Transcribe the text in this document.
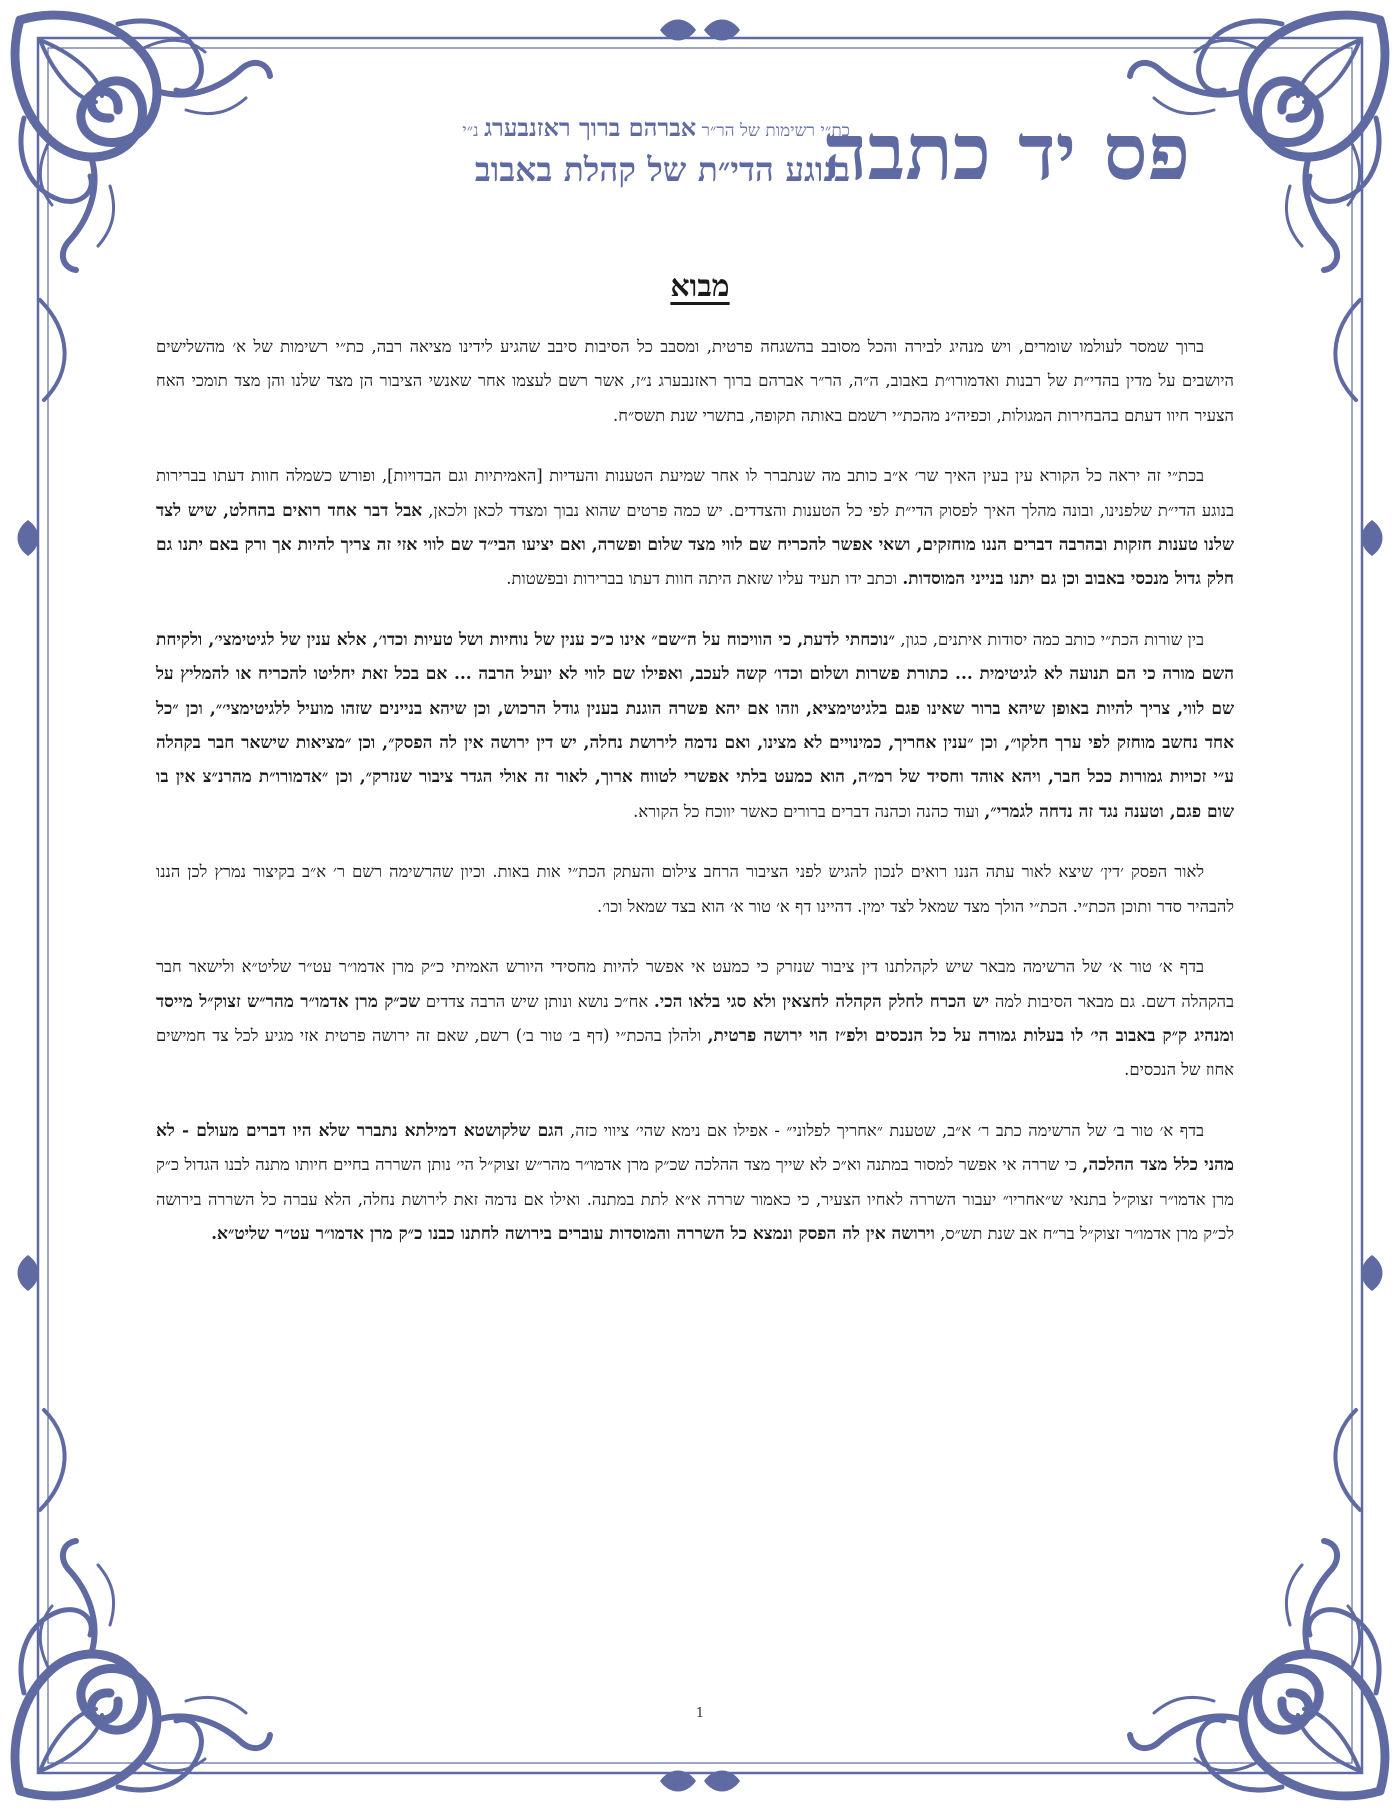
פס יד כתבה
כת״י רשימות של הר״ר אברהם ברוך ראזנבערג נ״י
בנוגע הדי״ת של קהלת באבוב
מבוא

ברוך שמסר לעולמו שומרים, ויש מנהיג לבירה והכל מסובב בהשגחה פרטית, ומסבב כל הסיבות סיבב שהגיע לידינו מציאה רבה, כת״י רשימות של א׳ מהשלישים היושבים על מדין בהדי״ת של רבנות ואדמורו״ת באבוב, ה״ה, הר״ר אברהם ברוך ראזנבערג נ״ז, אשר רשם לעצמו אחר שאנשי הציבור הן מצד שלנו והן מצד תומכי האח הצעיר חיוו דעתם בהבחירות המגולות, וכפיה״נ מהכת״י רשמם באותה תקופה, בתשרי שנת תשס״ח.

בכת״י זה יראה כל הקורא עין בעין האיך שר׳ א״ב כותב מה שנתברר לו אחר שמיעת הטענות והעדיות [האמיתיות וגם הבדויות], ופורש כשמלה חוות דעתו בברירות בנוגע הדי״ת שלפנינו, ובונה מהלך האיך לפסוק הדי״ת לפי כל הטענות והצדדים. יש כמה פרטים שהוא נבוך ומצדד לכאן ולכאן, אבל דבר אחד רואים בהחלט, שיש לצד שלנו טענות חזקות ובהרבה דברים הננו מוחזקים, ושאי אפשר להכריח שם לווי מצד שלום ופשרה, ואם יציעו הבי״ד שם לווי אזי זה צריך להיות אך ורק באם יתנו גם חלק גדול מנכסי באבוב וכן גם יתנו בנייני המוסדות. וכתב ידו תעיד עליו שזאת היתה חוות דעתו בברירות ובפשטות.

בין שורות הכת״י כותב כמה יסודות איתנים, כגון, ״נוכחתי לדעת, כי הוויכוח על ה״שם״ אינו כ״כ ענין של נוחיות ושל טעיות וכדו׳, אלא ענין של לגיטימצי׳, ולקיחת השם מורה כי הם תנועה לא לגיטימית ... כתורת פשרות ושלום וכדו׳ קשה לעכב, ואפילו שם לווי לא יועיל הרבה ... אם בכל זאת יחליטו להכריח או להמליץ על שם לווי, צריך להיות באופן שיהא ברור שאינו פגם בלגיטימציא, וזהו אם יהא פשרה הוגנת בענין גודל הרכוש, וכן שיהא בניינים שזהו מועיל ללגיטימצי׳״, וכן ״כל אחד נחשב מוחזק לפי ערך חלקו״, וכן ״ענין אחריך, כמינויים לא מצינו, ואם נדמה לירושת נחלה, יש דין ירושה אין לה הפסק״, וכן ״מציאות שישאר חבר בקהלה ע״י זכויות גמורות ככל חבר, ויהא אוהד וחסיד של רמ״ה, הוא כמעט בלתי אפשרי לטווח ארוך, לאור זה אולי הגדר ציבור שנזרק״, וכן ״אדמורו״ת מהרנ״צ אין בו שום פגם, וטענה נגד זה נדחה לגמרי״, ועוד כהנה וכהנה דברים ברורים כאשר יווכח כל הקורא.

לאור הפסק ׳דין׳ שיצא לאור עתה הננו רואים לנכון להגיש לפני הציבור הרחב צילום והעתק הכת״י אות באות. וכיון שהרשימה רשם ר׳ א״ב בקיצור נמרץ לכן הננו להבהיר סדר ותוכן הכת״י. הכת״י הולך מצד שמאל לצד ימין. דהיינו דף א׳ טור א׳ הוא בצד שמאל וכו׳.

בדף א׳ טור א׳ של הרשימה מבאר שיש לקהלתנו דין ציבור שנזרק כי כמעט אי אפשר להיות מחסידי היורש האמיתי כ״ק מרן אדמו״ר עט״ר שליט״א ולישאר חבר בהקהלה דשם. גם מבאר הסיבות למה יש הכרח לחלק הקהלה לחצאין ולא סגי בלאו הכי. אח״כ נושא ונותן שיש הרבה צדדים שכ״ק מרן אדמו״ר מהר״ש זצוק״ל מייסד ומנהיג ק״ק באבוב הי׳ לו בעלות גמורה על כל הנכסים ולפ״ז הוי ירושה פרטית, ולהלן בהכת״י (דף ב׳ טור ב׳) רשם, שאם זה ירושה פרטית אזי מגיע לכל צד חמישים אחוז של הנכסים.

בדף א׳ טור ב׳ של הרשימה כתב ר׳ א״ב, שטענת ״אחריך לפלוני״ - אפילו אם נימא שהי׳ ציווי כזה, הגם שלקושטא דמילתא נתברר שלא היו דברים מעולם - לא מהני כלל מצד ההלכה, כי שררה אי אפשר למסור במתנה וא״כ לא שייך מצד ההלכה שכ״ק מרן אדמו״ר מהר״ש זצוק״ל הי׳ נותן השררה בחיים חיותו מתנה לבנו הגדול כ״ק מרן אדמו״ר זצוק״ל בתנאי ש״אחריו״ יעבור השררה לאחיו הצעיר, כי כאמור שררה א״א לתת במתנה. ואילו אם נדמה זאת לירושת נחלה, הלא עברה כל השררה בירושה לכ״ק מרן אדמו״ר זצוק״ל בר״ח אב שנת תש״ס, וירושה אין לה הפסק ונמצא כל השררה והמוסדות עוברים בירושה לחתנו כבנו כ״ק מרן אדמו״ר עט״ר שליט״א.

1
